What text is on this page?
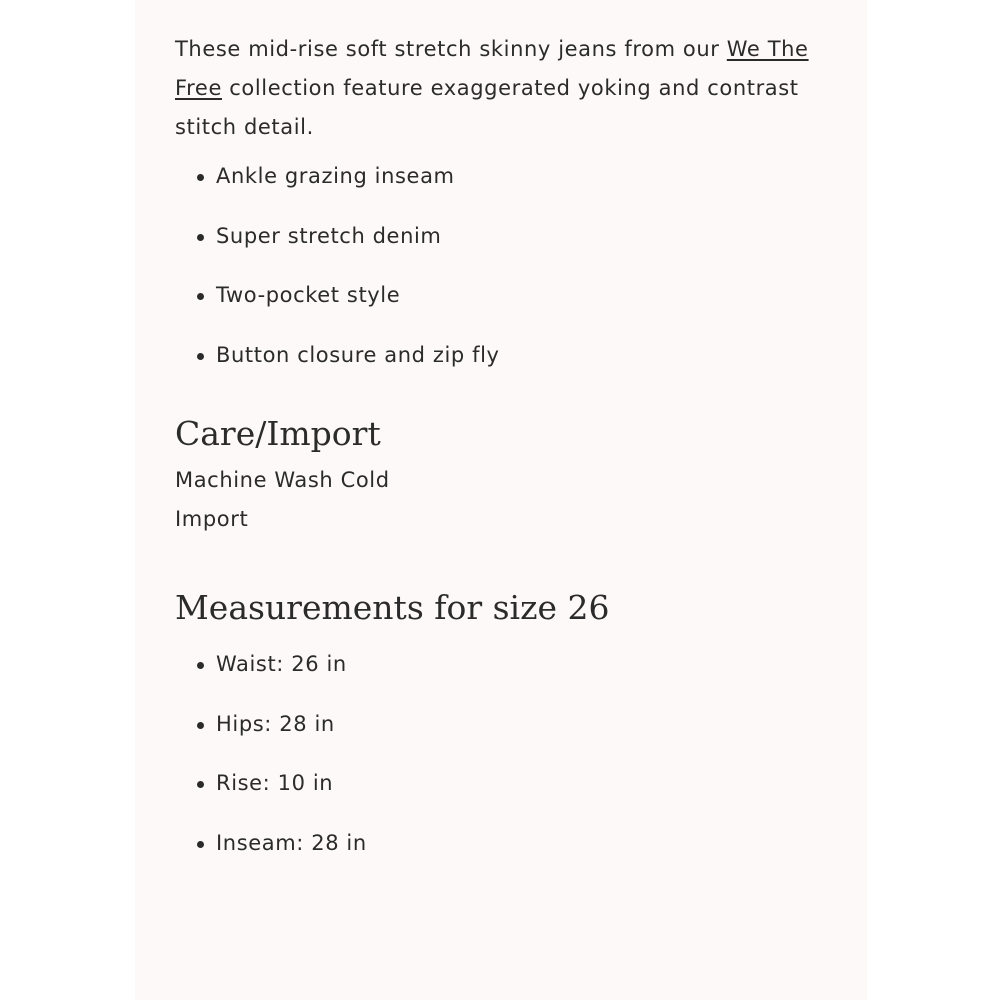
These mid-rise soft stretch skinny jeans from our We The Free collection feature exaggerated yoking and contrast stitch detail.

Ankle grazing inseam
Super stretch denim
Two-pocket style
Button closure and zip fly
Care/Import

Machine Wash Cold

Import

Measurements for size 26
Waist: 26 in
Hips: 28 in
Rise: 10 in
Inseam: 28 in
